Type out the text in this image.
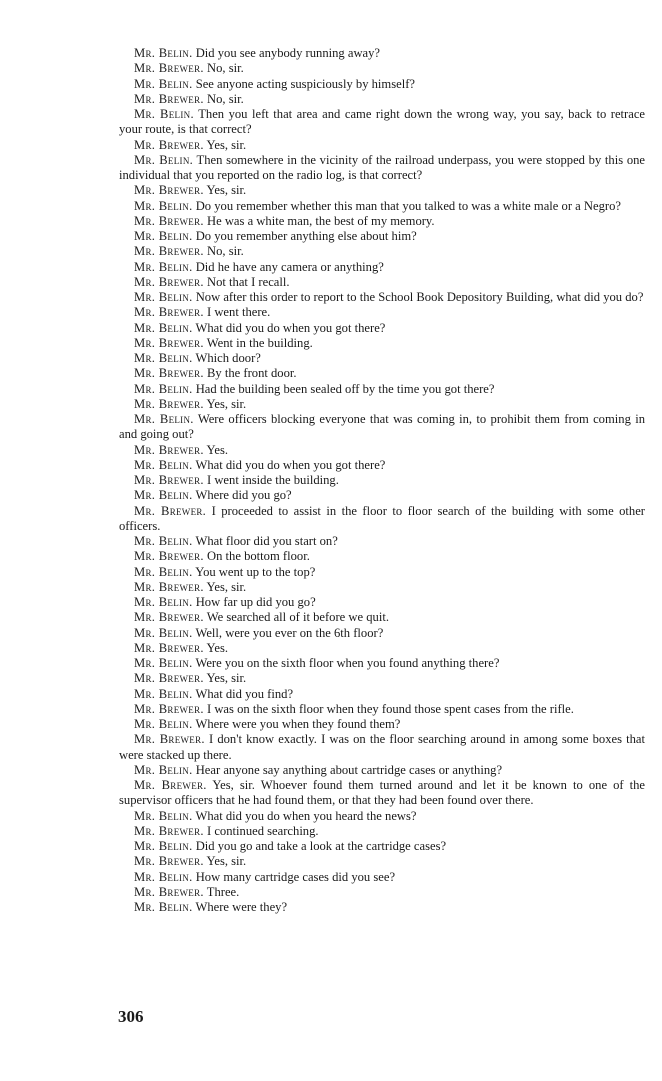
Mr. Belin. Did you see anybody running away?

Mr. Brewer. No, sir.

Mr. Belin. See anyone acting suspiciously by himself?

Mr. Brewer. No, sir.

Mr. Belin. Then you left that area and came right down the wrong way, you say, back to retrace your route, is that correct?

Mr. Brewer. Yes, sir.

Mr. Belin. Then somewhere in the vicinity of the railroad underpass, you were stopped by this one individual that you reported on the radio log, is that correct?

Mr. Brewer. Yes, sir.

Mr. Belin. Do you remember whether this man that you talked to was a white male or a Negro?

Mr. Brewer. He was a white man, the best of my memory.

Mr. Belin. Do you remember anything else about him?

Mr. Brewer. No, sir.

Mr. Belin. Did he have any camera or anything?

Mr. Brewer. Not that I recall.

Mr. Belin. Now after this order to report to the School Book Depository Building, what did you do?

Mr. Brewer. I went there.

Mr. Belin. What did you do when you got there?

Mr. Brewer. Went in the building.

Mr. Belin. Which door?

Mr. Brewer. By the front door.

Mr. Belin. Had the building been sealed off by the time you got there?

Mr. Brewer. Yes, sir.

Mr. Belin. Were officers blocking everyone that was coming in, to prohibit them from coming in and going out?

Mr. Brewer. Yes.

Mr. Belin. What did you do when you got there?

Mr. Brewer. I went inside the building.

Mr. Belin. Where did you go?

Mr. Brewer. I proceeded to assist in the floor to floor search of the building with some other officers.

Mr. Belin. What floor did you start on?

Mr. Brewer. On the bottom floor.

Mr. Belin. You went up to the top?

Mr. Brewer. Yes, sir.

Mr. Belin. How far up did you go?

Mr. Brewer. We searched all of it before we quit.

Mr. Belin. Well, were you ever on the 6th floor?

Mr. Brewer. Yes.

Mr. Belin. Were you on the sixth floor when you found anything there?

Mr. Brewer. Yes, sir.

Mr. Belin. What did you find?

Mr. Brewer. I was on the sixth floor when they found those spent cases from the rifle.

Mr. Belin. Where were you when they found them?

Mr. Brewer. I don't know exactly. I was on the floor searching around in among some boxes that were stacked up there.

Mr. Belin. Hear anyone say anything about cartridge cases or anything?

Mr. Brewer. Yes, sir. Whoever found them turned around and let it be known to one of the supervisor officers that he had found them, or that they had been found over there.

Mr. Belin. What did you do when you heard the news?

Mr. Brewer. I continued searching.

Mr. Belin. Did you go and take a look at the cartridge cases?

Mr. Brewer. Yes, sir.

Mr. Belin. How many cartridge cases did you see?

Mr. Brewer. Three.

Mr. Belin. Where were they?

306
